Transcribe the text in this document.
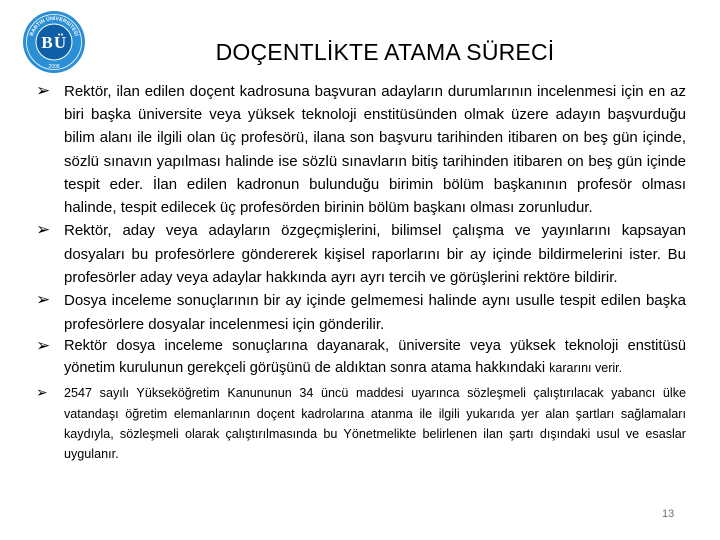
BARTIN ÜNİVERSİTESİ
B Ü
2008
DOÇENTLİKTE ATAMA SÜRECİ
➢ Rektör, ilan edilen doçent kadrosuna başvuran adayların durumlarının incelenmesi için en az biri başka üniversite veya yüksek teknoloji enstitüsünden olmak üzere adayın başvurduğu bilim alanı ile ilgili olan üç profesörü, ilana son başvuru tarihinden itibaren on beş gün içinde, sözlü sınavın yapılması halinde ise sözlü sınavların bitiş tarihinden itibaren on beş gün içinde tespit eder. İlan edilen kadronun bulunduğu birimin bölüm başkanının profesör olması halinde, tespit edilecek üç profesörden birinin bölüm başkanı olması zorunludur.
➢ Rektör, aday veya adayların özgeçmişlerini, bilimsel çalışma ve yayınlarını kapsayan dosyaları bu profesörlere göndererek kişisel raporlarını bir ay içinde bildirmelerini ister. Bu profesörler aday veya adaylar hakkında ayrı ayrı tercih ve görüşlerini rektöre bildirir.
➢ Dosya inceleme sonuçlarının bir ay içinde gelmemesi halinde aynı usulle tespit edilen başka profesörlere dosyalar incelenmesi için gönderilir.
➢ Rektör dosya inceleme sonuçlarına dayanarak, üniversite veya yüksek teknoloji enstitüsü yönetim kurulunun gerekçeli görüşünü de aldıktan sonra atama hakkındaki kararını verir.
➢ 2547 sayılı Yükseköğretim Kanununun 34 üncü maddesi uyarınca sözleşmeli çalıştırılacak yabancı ülke vatandaşı öğretim elemanlarının doçent kadrolarına atanma ile ilgili yukarıda yer alan şartları sağlamaları kaydıyla, sözleşmeli olarak çalıştırılmasında bu Yönetmelikte belirlenen ilan şartı dışındaki usul ve esaslar uygulanır.
13
